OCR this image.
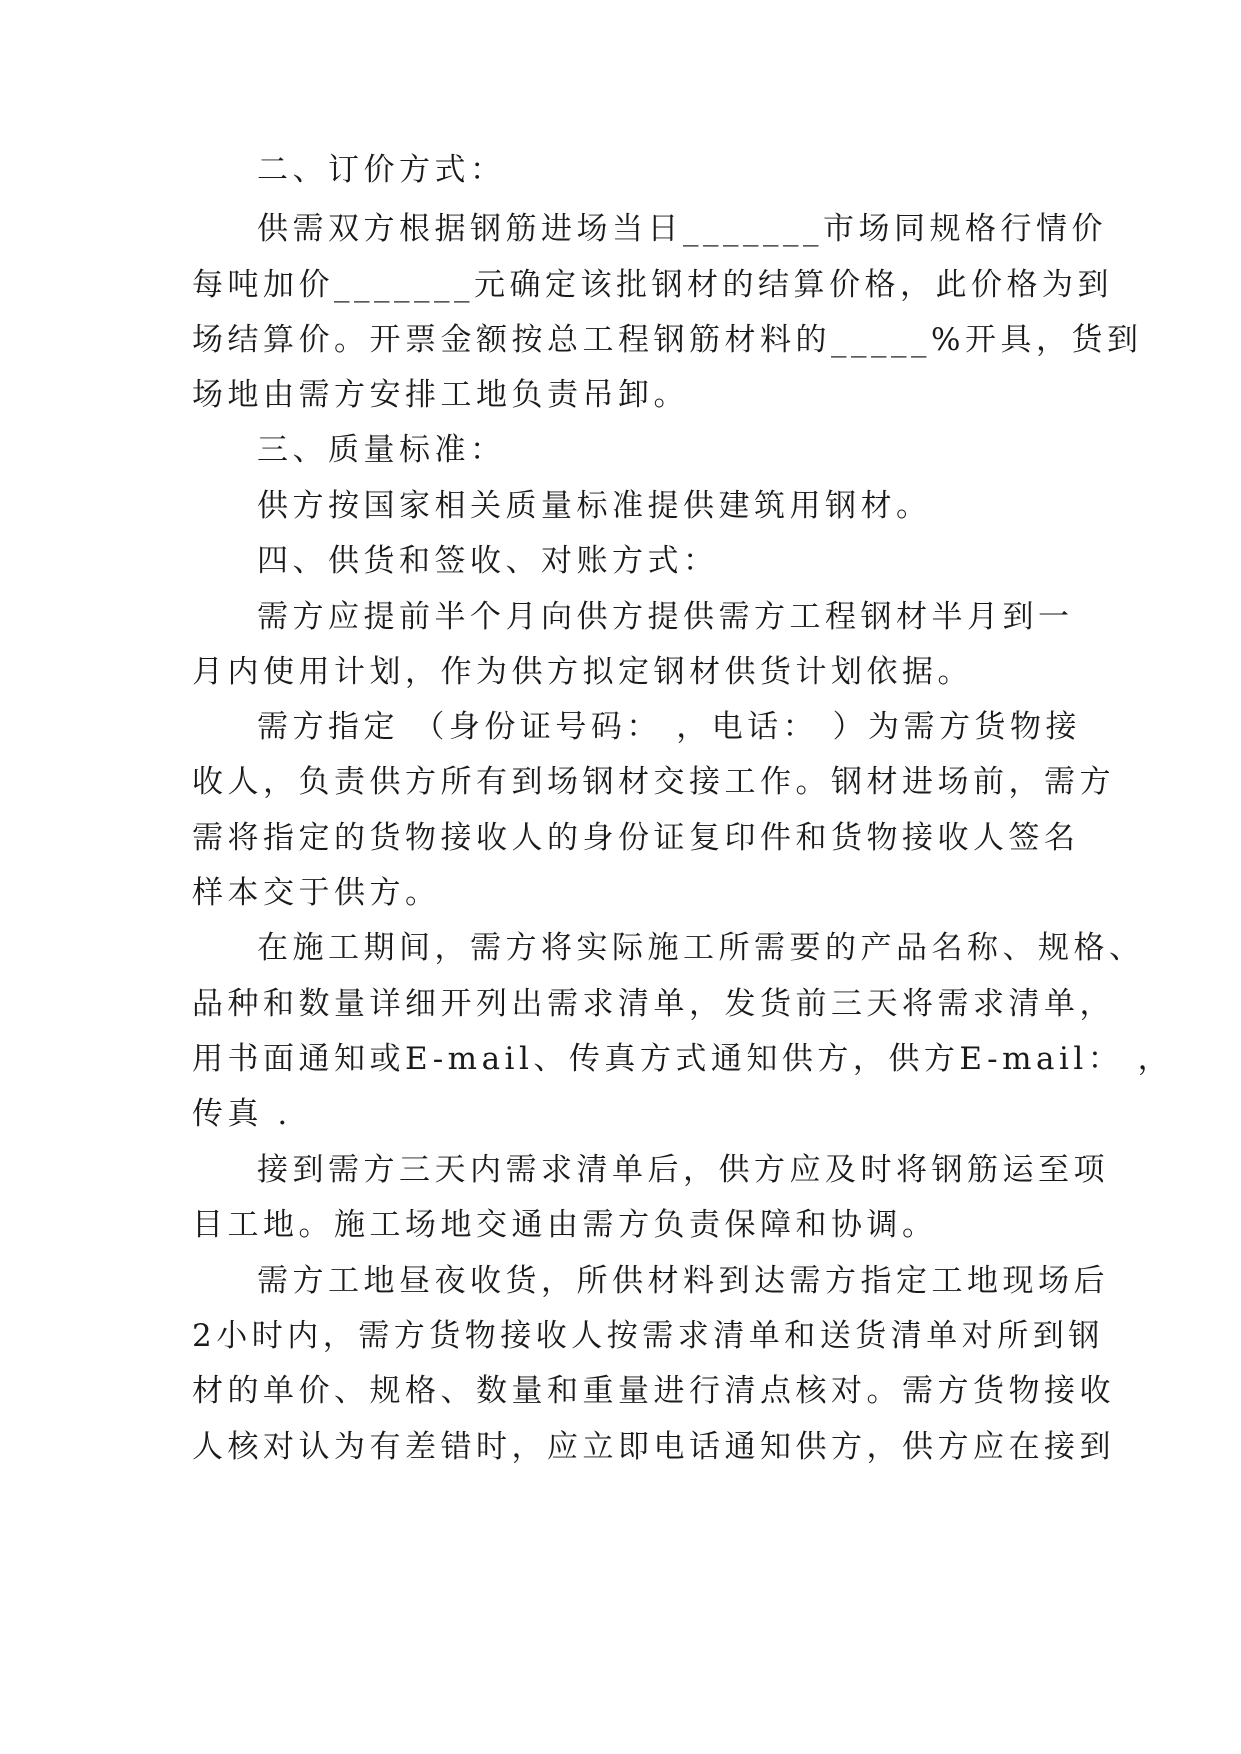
二、订价方式：
供需双方根据钢筋进场当日_______市场同规格行情价
每吨加价_______元确定该批钢材的结算价格，此价格为到
场结算价。开票金额按总工程钢筋材料的_____%开具，货到
场地由需方安排工地负责吊卸。
三、质量标准：
供方按国家相关质量标准提供建筑用钢材。
四、供货和签收、对账方式：
需方应提前半个月向供方提供需方工程钢材半月到一
月内使用计划，作为供方拟定钢材供货计划依据。
需方指定 （身份证号码： ，电话： ）为需方货物接
收人，负责供方所有到场钢材交接工作。钢材进场前，需方
需将指定的货物接收人的身份证复印件和货物接收人签名
样本交于供方。
在施工期间，需方将实际施工所需要的产品名称、规格、
品种和数量详细开列出需求清单，发货前三天将需求清单，
用书面通知或E-mail、传真方式通知供方，供方E-mail： ，
传真 .
接到需方三天内需求清单后，供方应及时将钢筋运至项
目工地。施工场地交通由需方负责保障和协调。
需方工地昼夜收货，所供材料到达需方指定工地现场后
2小时内，需方货物接收人按需求清单和送货清单对所到钢
材的单价、规格、数量和重量进行清点核对。需方货物接收
人核对认为有差错时，应立即电话通知供方，供方应在接到
